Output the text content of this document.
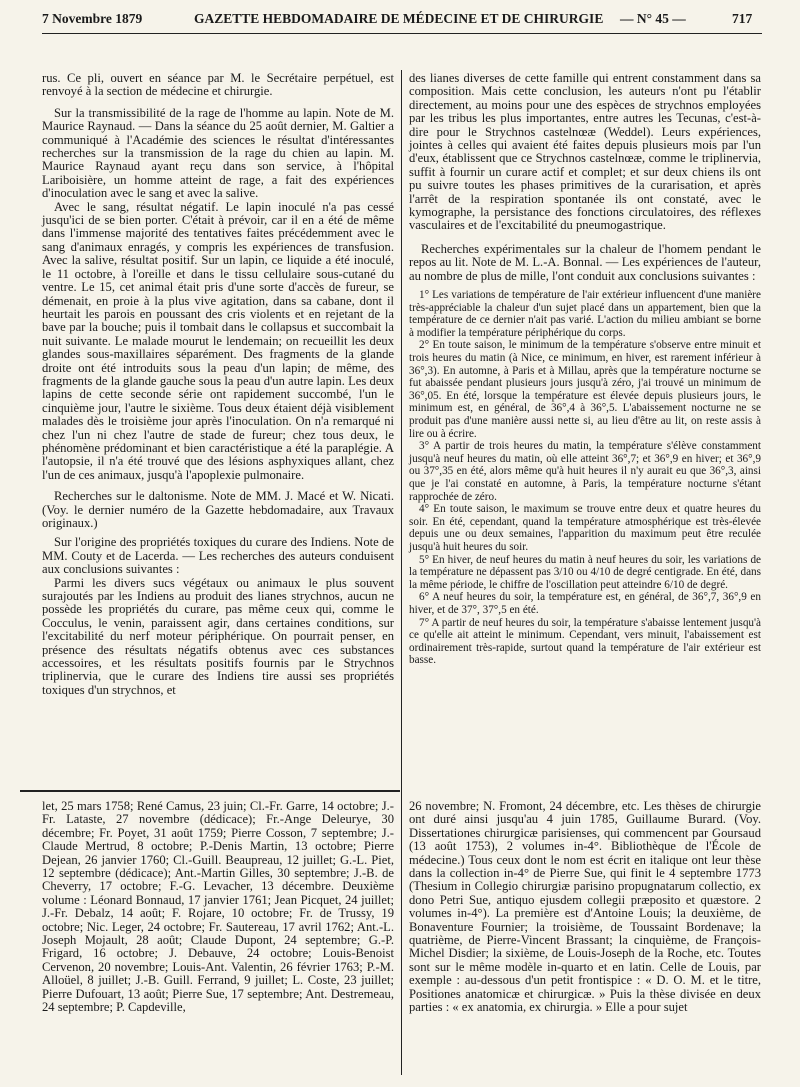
7 Novembre 1879	GAZETTE HEBDOMADAIRE DE MÉDECINE ET DE CHIRURGIE — N° 45 —	717

rus. Ce pli, ouvert en séance par M. le Secrétaire perpétuel, est renvoyé à la section de médecine et chirurgie.

Sur la transmissibilité de la rage de l'homme au lapin. Note de M. Maurice Raynaud. — Dans la séance du 25 août dernier, M. Galtier a communiqué à l'Académie des sciences le résultat d'intéressantes recherches sur la transmission de la rage du chien au lapin. M. Maurice Raynaud ayant reçu dans son service, à l'hôpital Lariboisière, un homme atteint de rage, a fait des expériences d'inoculation avec le sang et avec la salive.

Avec le sang, résultat négatif. Le lapin inoculé n'a pas cessé jusqu'ici de se bien porter. C'était à prévoir, car il en a été de même dans l'immense majorité des tentatives faites précédemment avec le sang d'animaux enragés, y compris les expériences de transfusion. Avec la salive, résultat positif. Sur un lapin, ce liquide a été inoculé, le 11 octobre, à l'oreille et dans le tissu cellulaire sous-cutané du ventre. Le 15, cet animal était pris d'une sorte d'accès de fureur, se démenait, en proie à la plus vive agitation, dans sa cabane, dont il heurtait les parois en poussant des cris violents et en rejetant de la bave par la bouche; puis il tombait dans le collapsus et succombait la nuit suivante. Le malade mourut le lendemain; on recueillit les deux glandes sous-maxillaires séparément. Des fragments de la glande droite ont été introduits sous la peau d'un lapin; de même, des fragments de la glande gauche sous la peau d'un autre lapin. Les deux lapins de cette seconde série ont rapidement succombé, l'un le cinquième jour, l'autre le sixième. Tous deux étaient déjà visiblement malades dès le troisième jour après l'inoculation. On n'a remarqué ni chez l'un ni chez l'autre de stade de fureur; chez tous deux, le phénomène prédominant et bien caractéristique a été la paraplégie. A l'autopsie, il n'a été trouvé que des lésions asphyxiques allant, chez l'un de ces animaux, jusqu'à l'apoplexie pulmonaire.

Recherches sur le daltonisme. Note de MM. J. Macé et W. Nicati. (Voy. le dernier numéro de la Gazette hebdomadaire, aux Travaux originaux.)

Sur l'origine des propriétés toxiques du curare des Indiens. Note de MM. Couty et de Lacerda. — Les recherches des auteurs conduisent aux conclusions suivantes :

Parmi les divers sucs végétaux ou animaux le plus souvent surajoutés par les Indiens au produit des lianes strychnos, aucun ne possède les propriétés du curare, pas même ceux qui, comme le Cocculus, le venin, paraissent agir, dans certaines conditions, sur l'excitabilité du nerf moteur périphérique. On pourrait penser, en présence des résultats négatifs obtenus avec ces substances accessoires, et les résultats positifs fournis par le Strychnos triplinervia, que le curare des Indiens tire aussi ses propriétés toxiques d'un strychnos, et

des lianes diverses de cette famille qui entrent constamment dans sa composition. Mais cette conclusion, les auteurs n'ont pu l'établir directement, au moins pour une des espèces de strychnos employées par les tribus les plus importantes, entre autres les Tecunas, c'est-à-dire pour le Strychnos castelnœæ (Weddel). Leurs expériences, jointes à celles qui avaient été faites depuis plusieurs mois par l'un d'eux, établissent que ce Strychnos castelnœæ, comme le triplinervia, suffit à fournir un curare actif et complet; et sur deux chiens ils ont pu suivre toutes les phases primitives de la curarisation, et après l'arrêt de la respiration spontanée ils ont constaté, avec le kymographe, la persistance des fonctions circulatoires, des réflexes vasculaires et de l'excitabilité du pneumogastrique.

Recherches expérimentales sur la chaleur de l'homem pendant le repos au lit. Note de M. L.-A. Bonnal. — Les expériences de l'auteur, au nombre de plus de mille, l'ont conduit aux conclusions suivantes :

1° Les variations de température de l'air extérieur influencent d'une manière très-appréciable la chaleur d'un sujet placé dans un appartement, bien que la température de ce dernier n'ait pas varié. L'action du milieu ambiant se borne à modifier la température périphérique du corps.

2° En toute saison, le minimum de la température s'observe entre minuit et trois heures du matin (à Nice, ce minimum, en hiver, est rarement inférieur à 36°,3). En automne, à Paris et à Millau, après que la température nocturne se fut abaissée pendant plusieurs jours jusqu'à zéro, j'ai trouvé un minimum de 36°,05. En été, lorsque la température est élevée depuis plusieurs jours, le minimum est, en général, de 36°,4 à 36°,5. L'abaissement nocturne ne se produit pas d'une manière aussi nette si, au lieu d'être au lit, on reste assis à lire ou à écrire.

3° A partir de trois heures du matin, la température s'élève constamment jusqu'à neuf heures du matin, où elle atteint 36°,7; et 36°,9 en hiver; et 36°,9 ou 37°,35 en été, alors même qu'à huit heures il n'y aurait eu que 36°,3, ainsi que je l'ai constaté en automne, à Paris, la température nocturne s'étant rapprochée de zéro.

4° En toute saison, le maximum se trouve entre deux et quatre heures du soir. En été, cependant, quand la température atmosphérique est très-élevée depuis une ou deux semaines, l'apparition du maximum peut être reculée jusqu'à huit heures du soir.

5° En hiver, de neuf heures du matin à neuf heures du soir, les variations de la température ne dépassent pas 3/10 ou 4/10 de degré centigrade. En été, dans la même période, le chiffre de l'oscillation peut atteindre 6/10 de degré.

6° A neuf heures du soir, la température est, en général, de 36°,7, 36°,9 en hiver, et de 37°, 37°,5 en été.

7° A partir de neuf heures du soir, la température s'abaisse lentement jusqu'à ce qu'elle ait atteint le minimum. Cependant, vers minuit, l'abaissement est ordinairement très-rapide, surtout quand la température de l'air extérieur est basse.

let, 25 mars 1758; René Camus, 23 juin; Cl.-Fr. Garre, 14 octobre; J.-Fr. Lataste, 27 novembre (dédicace); Fr.-Ange Deleurye, 30 décembre; Fr. Poyet, 31 août 1759; Pierre Cosson, 7 septembre; J.-Claude Mertrud, 8 octobre; P.-Denis Martin, 13 octobre; Pierre Dejean, 26 janvier 1760; Cl.-Guill. Beaupreau, 12 juillet; G.-L. Piet, 12 septembre (dédicace); Ant.-Martin Gilles, 30 septembre; J.-B. de Cheverry, 17 octobre; F.-G. Levacher, 13 décembre. Deuxième volume : Léonard Bonnaud, 17 janvier 1761; Jean Picquet, 24 juillet; J.-Fr. Debalz, 14 août; F. Rojare, 10 octobre; Fr. de Trussy, 19 octobre; Nic. Leger, 24 octobre; Fr. Sautereau, 17 avril 1762; Ant.-L. Joseph Mojault, 28 août; Claude Dupont, 24 septembre; G.-P. Frigard, 16 octobre; J. Debauve, 24 octobre; Louis-Benoist Cervenon, 20 novembre; Louis-Ant. Valentin, 26 février 1763; P.-M. Alloüel, 8 juillet; J.-B. Guill. Ferrand, 9 juillet; L. Coste, 23 juillet; Pierre Dufouart, 13 août; Pierre Sue, 17 septembre; Ant. Destremeau, 24 septembre; P. Capdeville,

26 novembre; N. Fromont, 24 décembre, etc. Les thèses de chirurgie ont duré ainsi jusqu'au 4 juin 1785, Guillaume Burard. (Voy. Dissertationes chirurgicæ parisienses, qui commencent par Goursaud (13 août 1753), 2 volumes in-4°. Bibliothèque de l'École de médecine.) Tous ceux dont le nom est écrit en italique ont leur thèse dans la collection in-4° de Pierre Sue, qui finit le 4 septembre 1773 (Thesium in Collegio chirurgiæ parisino propugnatarum collectio, ex dono Petri Sue, antiquo ejusdem collegii præposito et quæstore. 2 volumes in-4°). La première est d'Antoine Louis; la deuxième, de Bonaventure Fournier; la troisième, de Toussaint Bordenave; la quatrième, de Pierre-Vincent Brassant; la cinquième, de François-Michel Disdier; la sixième, de Louis-Joseph de la Roche, etc. Toutes sont sur le même modèle in-quarto et en latin. Celle de Louis, par exemple : au-dessous d'un petit frontispice : « D. O. M. et le titre, Positiones anatomicæ et chirurgicæ. » Puis la thèse divisée en deux parties : « ex anatomia, ex chirurgia. » Elle a pour sujet
